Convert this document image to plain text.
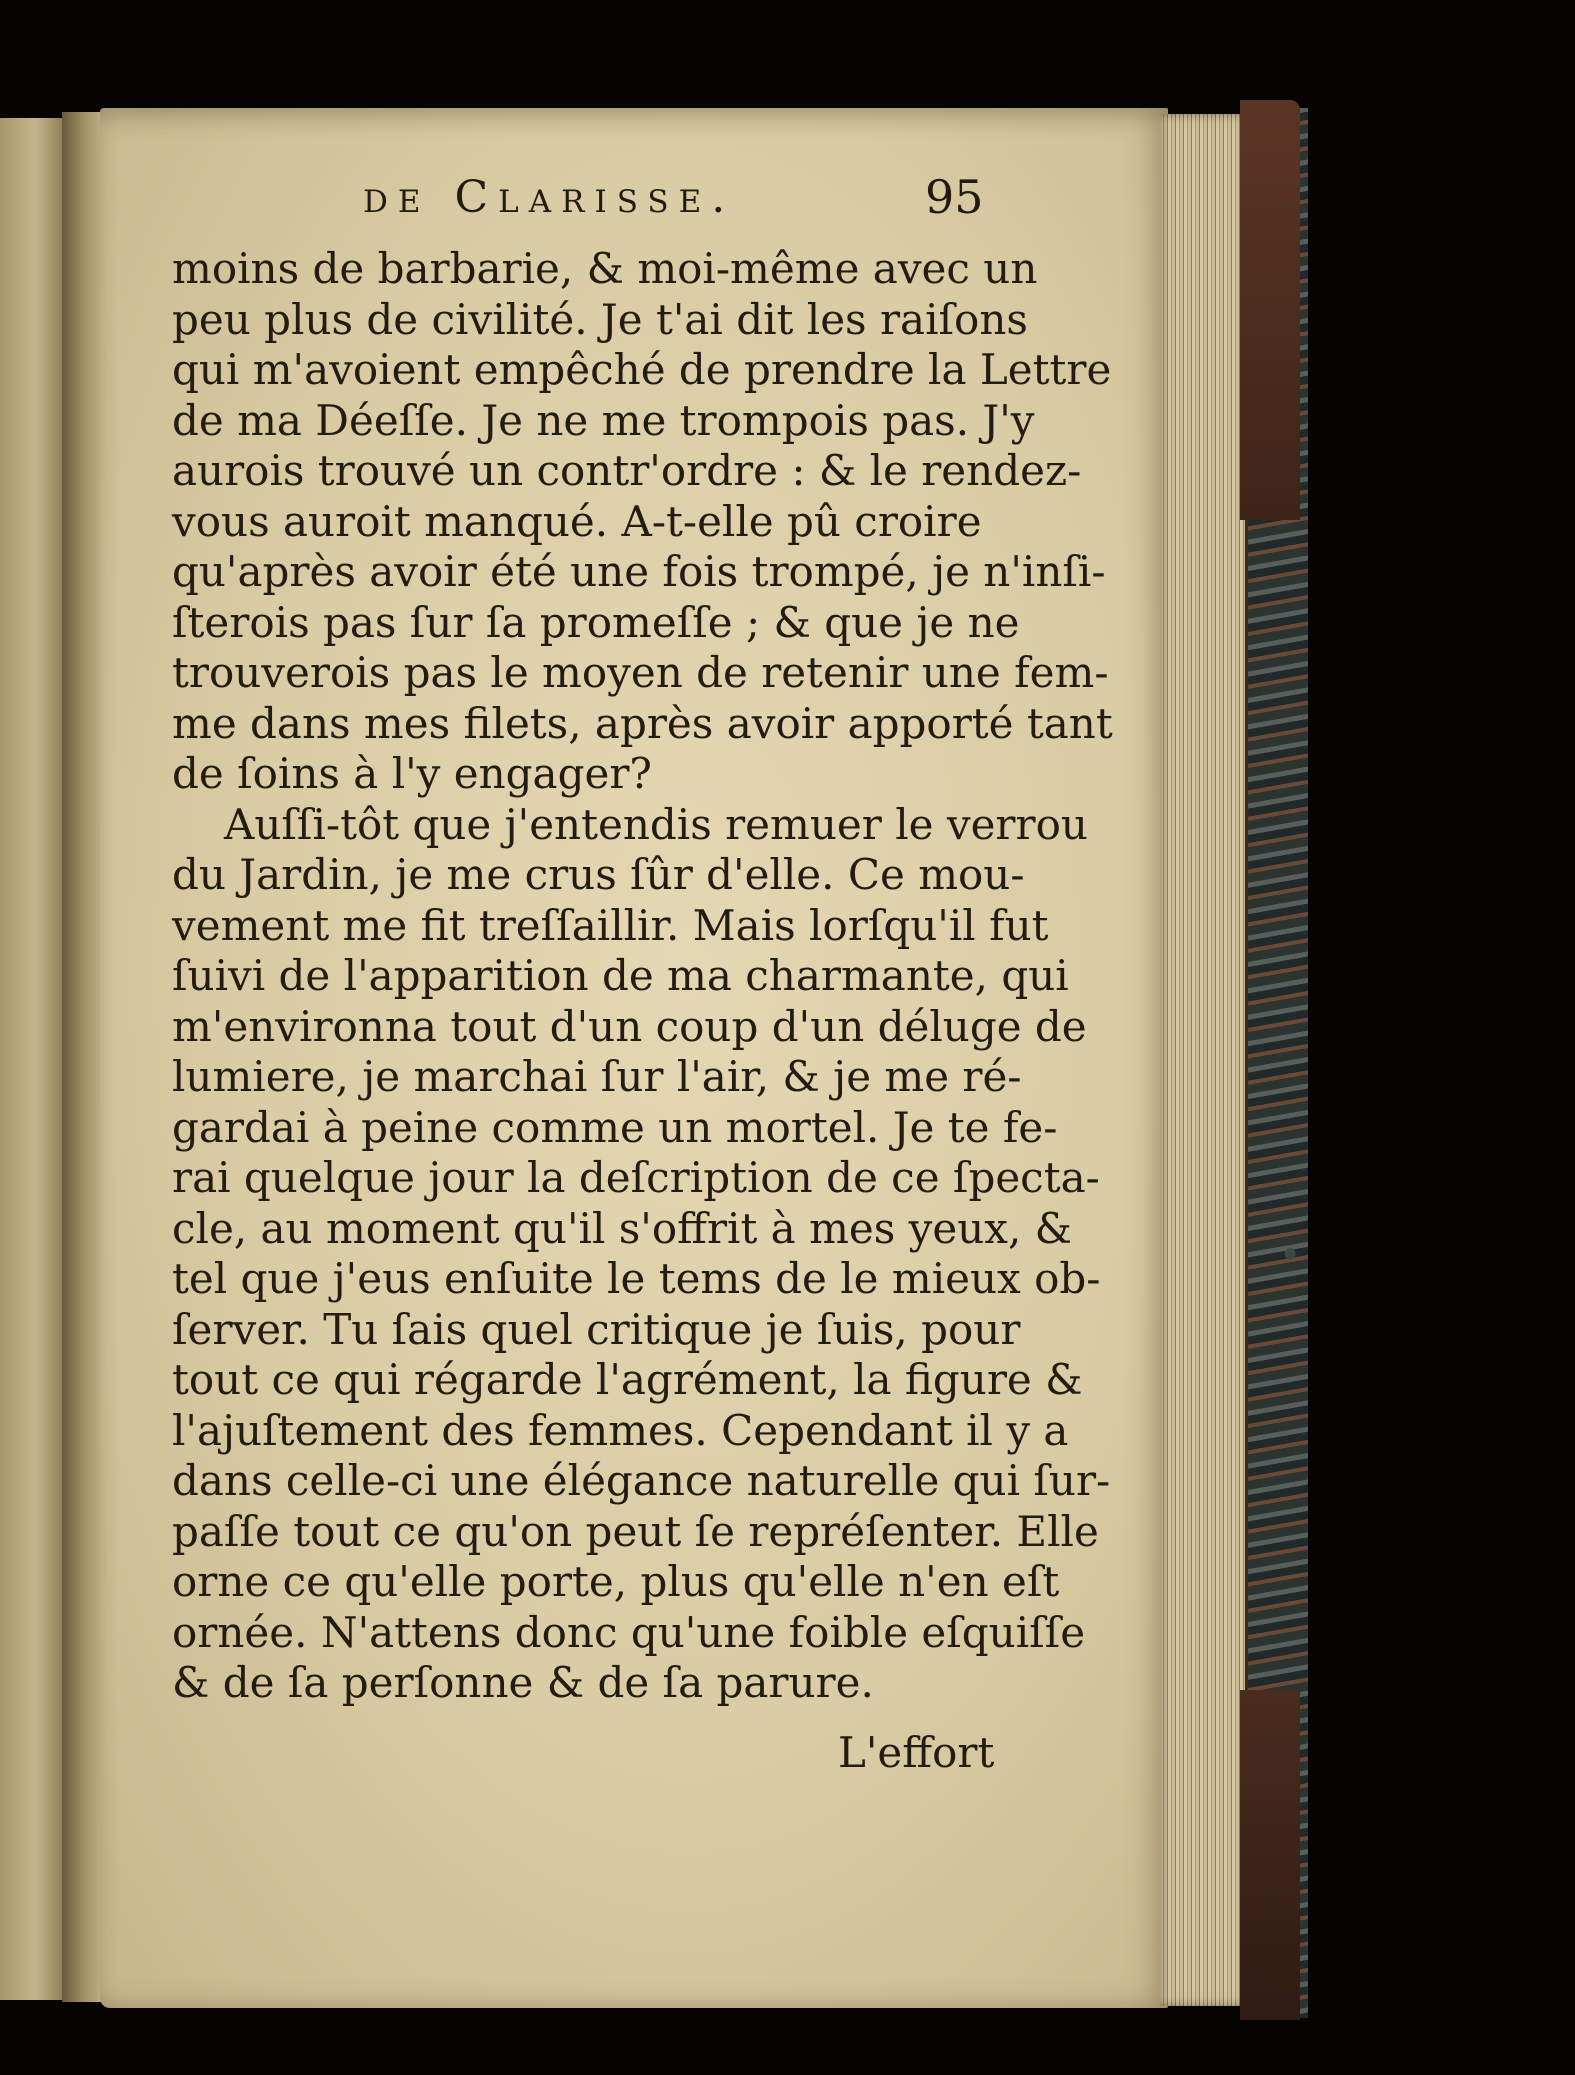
de Clarisse.	95
moins de barbarie, & moi-même avec un
peu plus de civilité. Je t'ai dit les raiſons
qui m'avoient empêché de prendre la Lettre
de ma Déeſſe. Je ne me trompois pas. J'y
aurois trouvé un contr'ordre : & le rendez-
vous auroit manqué. A-t-elle pû croire
qu'après avoir été une fois trompé, je n'inſi-
ſterois pas ſur ſa promeſſe ; & que je ne
trouverois pas le moyen de retenir une fem-
me dans mes filets, après avoir apporté tant
de ſoins à l'y engager?
Auſſi-tôt que j'entendis remuer le verrou
du Jardin, je me crus ſûr d'elle. Ce mou-
vement me fit treſſaillir. Mais lorſqu'il fut
ſuivi de l'apparition de ma charmante, qui
m'environna tout d'un coup d'un déluge de
lumiere, je marchai ſur l'air, & je me ré-
gardai à peine comme un mortel. Je te fe-
rai quelque jour la deſcription de ce ſpecta-
cle, au moment qu'il s'offrit à mes yeux, &
tel que j'eus enſuite le tems de le mieux ob-
ſerver. Tu ſais quel critique je ſuis, pour
tout ce qui régarde l'agrément, la figure &
l'ajuſtement des femmes. Cependant il y a
dans celle-ci une élégance naturelle qui ſur-
paſſe tout ce qu'on peut ſe repréſenter. Elle
orne ce qu'elle porte, plus qu'elle n'en eſt
ornée. N'attens donc qu'une foible eſquiſſe
& de ſa perſonne & de ſa parure.
L'effort
